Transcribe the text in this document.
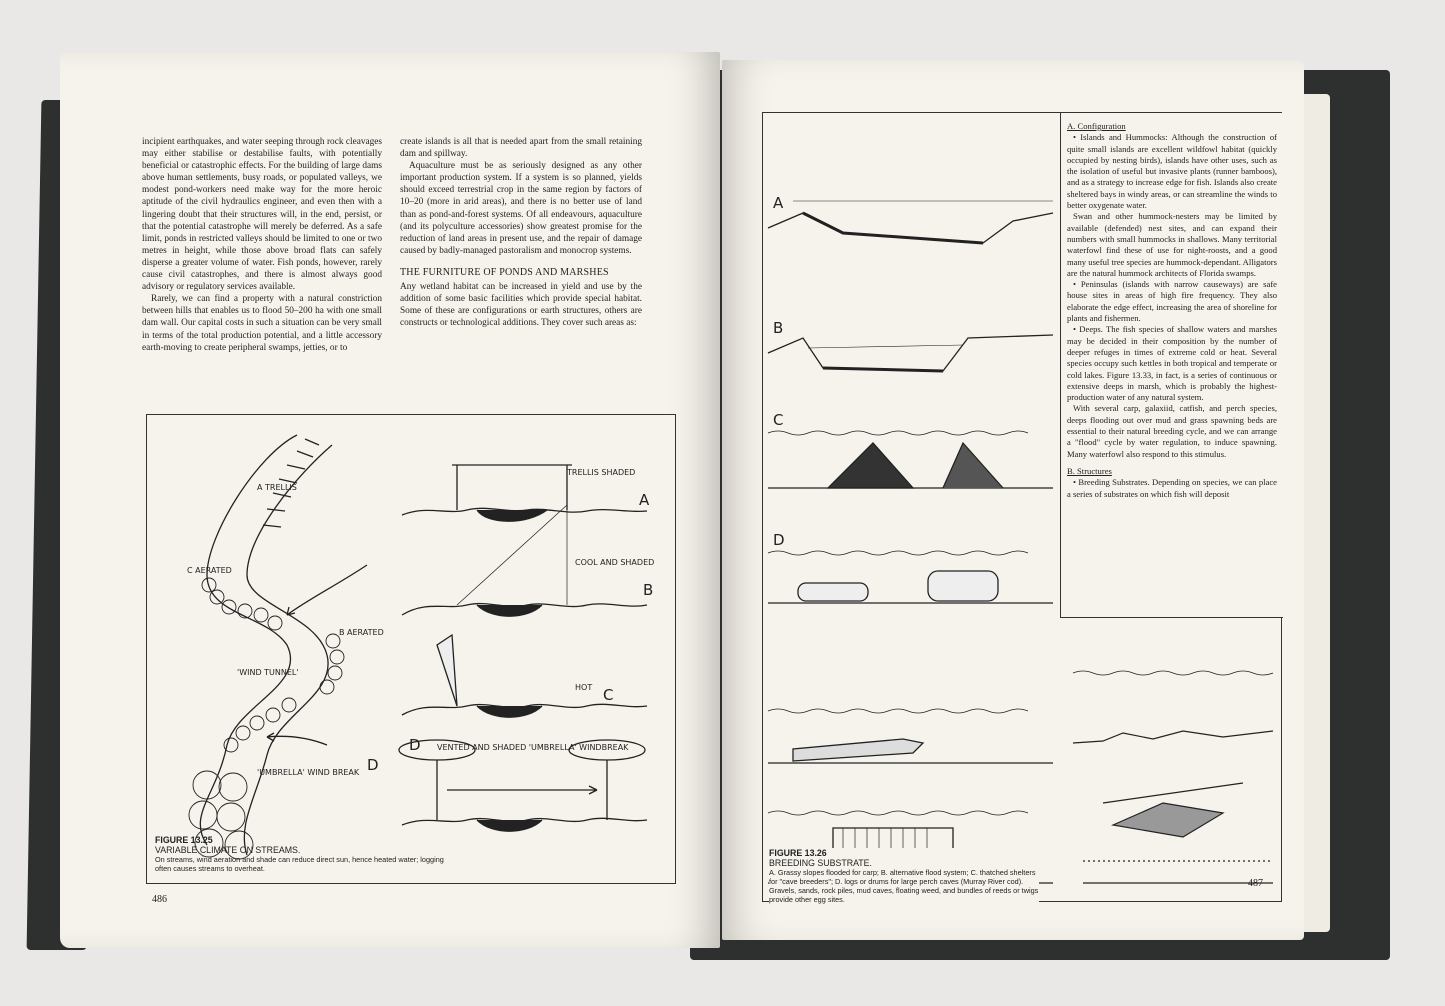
incipient earthquakes, and water seeping through rock cleavages may either stabilise or destabilise faults, with potentially beneficial or catastrophic effects. For the building of large dams above human settlements, busy roads, or populated valleys, we modest pond-workers need make way for the more heroic aptitude of the civil hydraulics engineer, and even then with a lingering doubt that their structures will, in the end, persist, or that the potential catastrophe will merely be deferred. As a safe limit, ponds in restricted valleys should be limited to one or two metres in height, while those above broad flats can safely disperse a greater volume of water. Fish ponds, however, rarely cause civil catastrophes, and there is almost always good advisory or regulatory services available.

Rarely, we can find a property with a natural constriction between hills that enables us to flood 50–200 ha with one small dam wall. Our capital costs in such a situation can be very small in terms of the total production potential, and a little accessory earth-moving to create peripheral swamps, jetties, or to

create islands is all that is needed apart from the small retaining dam and spillway.

Aquaculture must be as seriously designed as any other important production system. If a system is so planned, yields should exceed terrestrial crop in the same region by factors of 10–20 (more in arid areas), and there is no better use of land than as pond-and-forest systems. Of all endeavours, aquaculture (and its polyculture accessories) show greatest promise for the reduction of land areas in present use, and the repair of damage caused by badly-managed pastoralism and monocrop systems.

THE FURNITURE OF PONDS AND MARSHES

Any wetland habitat can be increased in yield and use by the addition of some basic facilities which provide special habitat. Some of these are configurations or earth structures, others are constructs or technological additions. They cover such areas as:

A TRELLIS
C AERATED
B AERATED
'WIND TUNNEL'
'UMBRELLA' WIND BREAK D
TRELLIS SHADED
A
COOL AND SHADED
B
HOT C
VENTED AND SHADED 'UMBRELLA' WINDBREAK
D
FIGURE 13.25
VARIABLE CLIMATE ON STREAMS.
On streams, wind aeration and shade can reduce direct sun, hence heated water; logging often causes streams to overheat.
486
A
B
C
D

A. Configuration

• Islands and Hummocks: Although the construction of quite small islands are excellent wildfowl habitat (quickly occupied by nesting birds), islands have other uses, such as the isolation of useful but invasive plants (runner bamboos), and as a strategy to increase edge for fish. Islands also create sheltered bays in windy areas, or can streamline the winds to better oxygenate water.

Swan and other hummock-nesters may be limited by available (defended) nest sites, and can expand their numbers with small hummocks in shallows. Many territorial waterfowl find these of use for night-roosts, and a good many useful tree species are hummock-dependant. Alligators are the natural hummock architects of Florida swamps.

• Peninsulas (islands with narrow causeways) are safe house sites in areas of high fire frequency. They also elaborate the edge effect, increasing the area of shoreline for plants and fishermen.

• Deeps. The fish species of shallow waters and marshes may be decided in their composition by the number of deeper refuges in times of extreme cold or heat. Several species occupy such kettles in both tropical and temperate or cold lakes. Figure 13.33, in fact, is a series of continuous or extensive deeps in marsh, which is probably the highest-production water of any natural system.

With several carp, galaxiid, catfish, and perch species, deeps flooding out over mud and grass spawning beds are essential to their natural breeding cycle, and we can arrange a "flood" cycle by water regulation, to induce spawning. Many waterfowl also respond to this stimulus.

B. Structures

• Breeding Substrates. Depending on species, we can place a series of substrates on which fish will deposit

FIGURE 13.26
BREEDING SUBSTRATE.
A. Grassy slopes flooded for carp; B. alternative flood system; C. thatched shelters for "cave breeders"; D. logs or drums for large perch caves (Murray River cod). Gravels, sands, rock piles, mud caves, floating weed, and bundles of reeds or twigs provide other egg sites.
487
